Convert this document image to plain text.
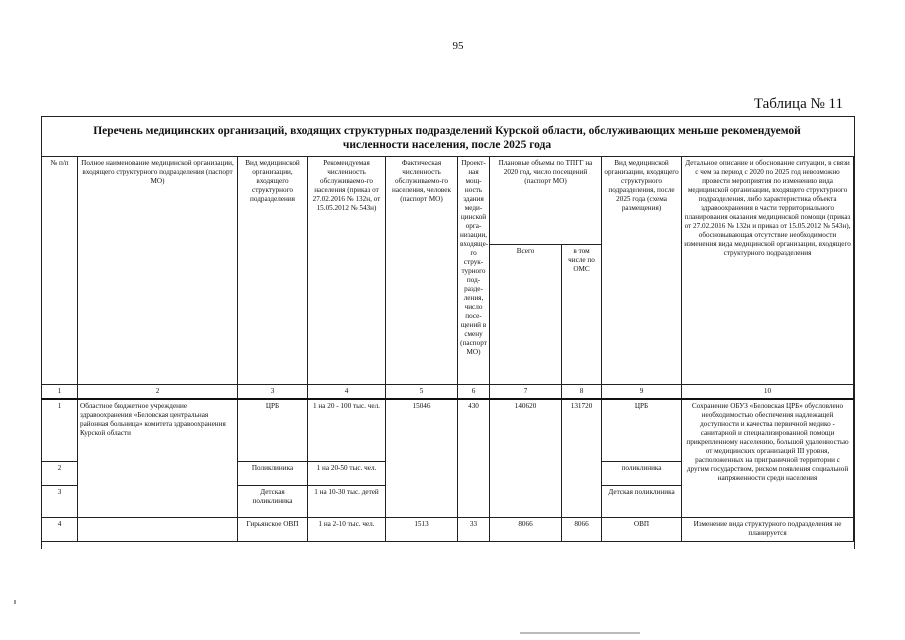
95
Таблица № 11
Перечень медицинских организаций, входящих структурных подразделений Курской области, обслуживающих меньше рекомендуемой
численности населения, после 2025 года
№ п/п	Полное наименование медицинской организации, входящего структурного подразделения (паспорт МО)	Вид медицинской организации, входящего структурного подразделения	Рекомендуемая численность обслуживаемо-го населения (приказ от 27.02.2016 № 132н, от 15.05.2012 № 543н)	Фактическая численность обслуживаемо-го населения, человек (паспорт МО)	Проект-ная мощ-ность здания меди-цинской орга-низации, входяще-го струк-турного под-разде-ления, число посе-щений в смену (паспорт МО)	Плановые объемы по ТПГГ на 2020 год, число посещений (паспорт МО)		Вид медицинской организации, входящего структурного подразделения, после 2025 года (схема размещения)	Детальное описание и обоснование ситуации, в связи с чем за период с 2020 по 2025 год невозможно провести мероприятия по изменению вида медицинской организации, входящего структурного подразделения, либо характеристика объекта здравоохранения в части территориального планирования оказания медицинской помощи (приказ от 27.02.2016 № 132н и приказ от 15.05.2012 № 543н), обосновывающая отсутствие необходимости изменения вида медицинской организации, входящего структурного подразделения
						Всего	в том числе по ОМС		
1	2	3	4	5	6	7	8	9	10
1	Областное бюджетное учреждение здравоохранения «Беловская центральная районная больница» комитета здравоохранения Курской области	ЦРБ	1 на 20 - 100 тыс. чел.	15046	430	140620	131720	ЦРБ	Сохранение ОБУЗ «Беловская ЦРБ» обусловлено необходимостью обеспечения надлежащей доступности и качества первичной медико - санитарной и специализированной помощи прикрепленному населению, большой удаленностью от медицинских организаций III уровня, расположенных на приграничной территории с другим государством, риском появления социальной напряженности среди населения
2		Поликлиника	1 на 20-50 тыс. чел.					поликлиника	
3		Детская поликлиника	1 на 10-30 тыс. детей					Детская поликлиника	
4		Гирьянское ОВП	1 на 2-10 тыс. чел.	1513	33	8066	8066	ОВП	Изменение вида структурного подразделения не планируется
